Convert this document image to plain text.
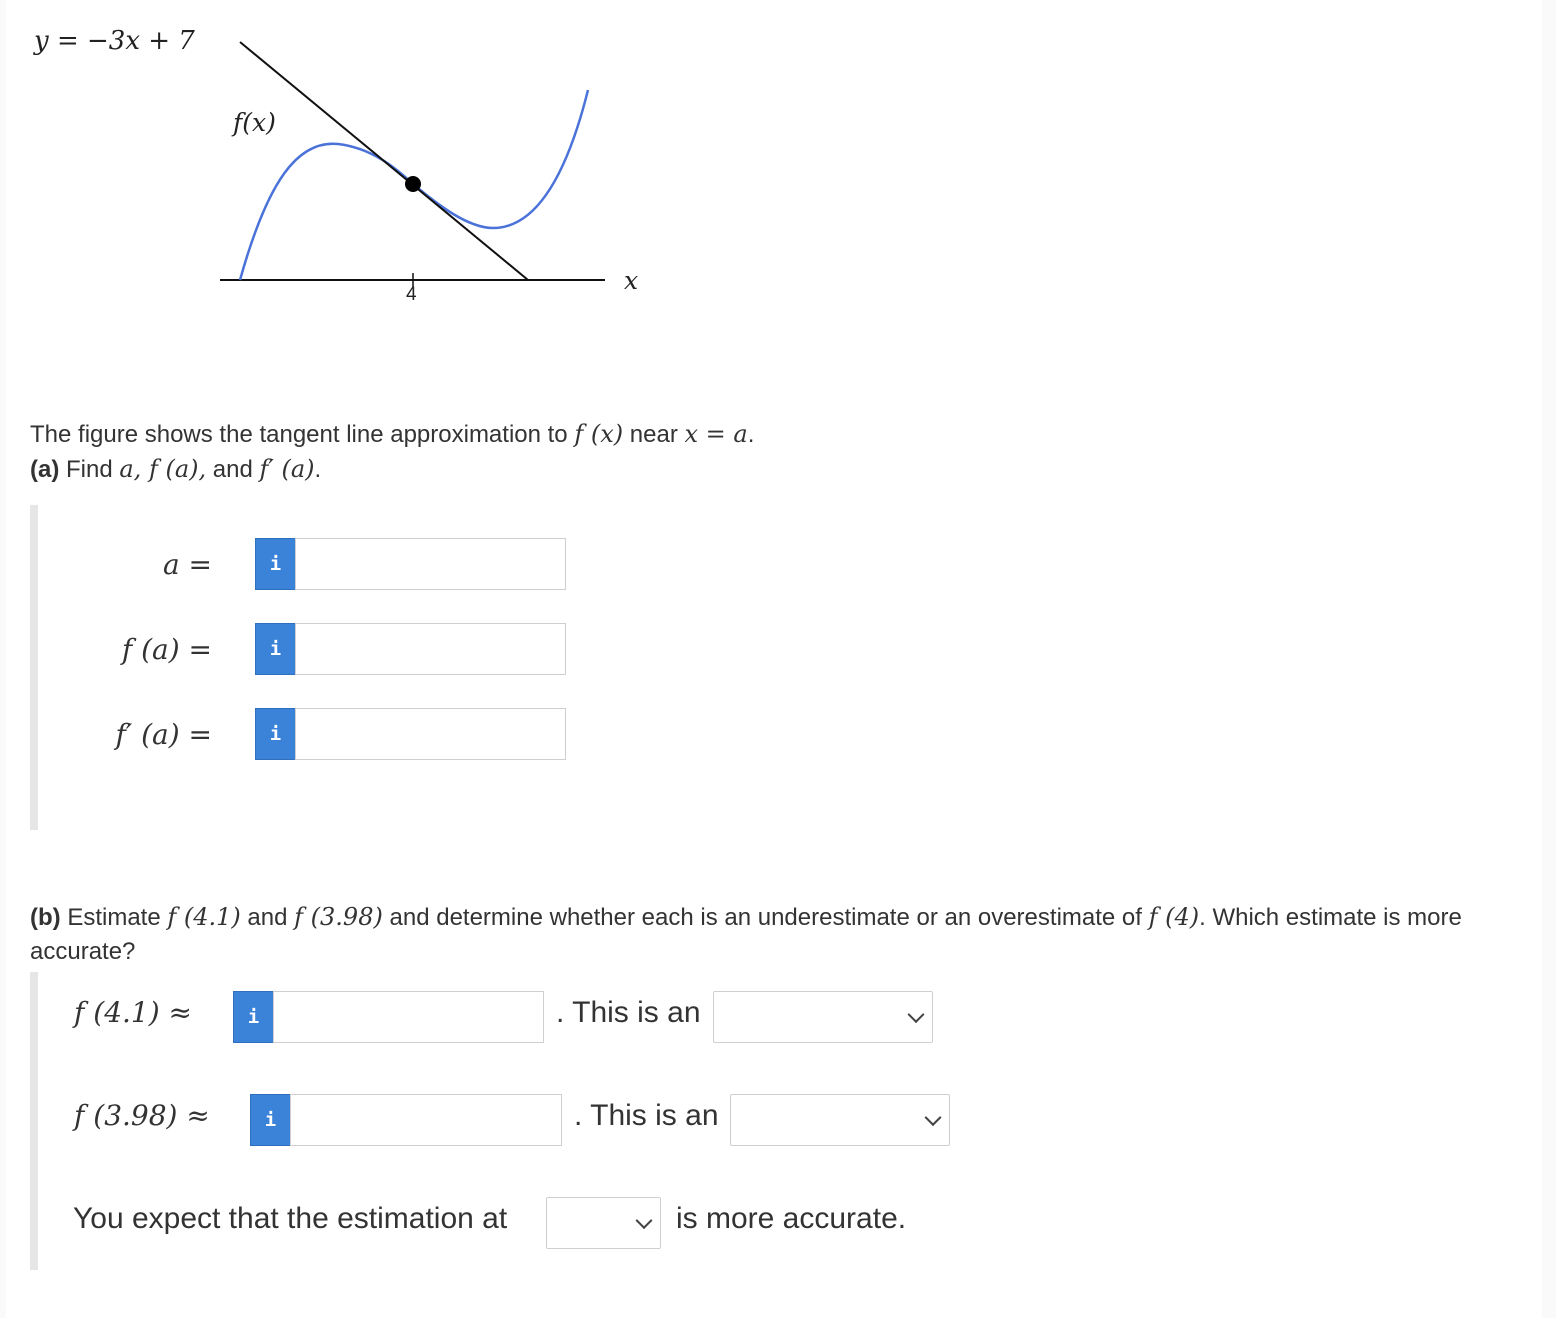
y = −3x + 7
f(x)
x
4
The figure shows the tangent line approximation to f (x) near x = a.
(a) Find a, f (a), and f′ (a).
a =	i
f (a) =	i
f′ (a) =	i
(b) Estimate f (4.1) and f (3.98) and determine whether each is an underestimate or an overestimate of f (4). Which estimate is more
accurate?
f (4.1) ≈	i	. This is an
f (3.98) ≈	i	. This is an
You expect that the estimation at	is more accurate.
